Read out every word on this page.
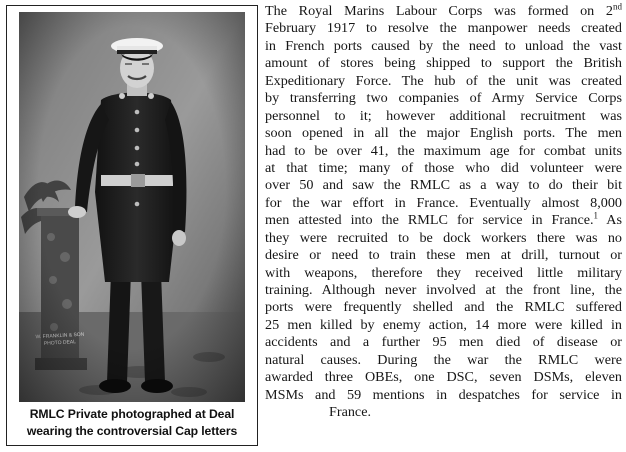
RMLC Private photographed at Deal
wearing the controversial Cap letters
The Royal Marins Labour Corps was formed on 2nd
February 1917 to resolve the manpower needs created
in French ports caused by the need to unload the vast
amount of stores being shipped to support the British
Expeditionary Force. The hub of the unit was created
by transferring two companies of Army Service Corps
personnel to it; however additional recruitment was
soon opened in all the major English ports. The men
had to be over 41, the maximum age for combat units
at that time; many of those who did volunteer were
over 50 and saw the RMLC as a way to do their bit
for the war effort in France. Eventually almost 8,000
men attested into the RMLC for service in France.$^1$ As
they were recruited to be dock workers there was no
desire or need to train these men at drill, turnout or
with weapons, therefore they received little military
training. Although never involved at the front line, the
ports were frequently shelled and the RMLC suffered
25 men killed by enemy action, 14 more were killed in
accidents and a further 95 men died of disease or
natural causes. During the war the RMLC were
awarded three OBEs, one DSC, seven DSMs, eleven
MSMs and 59 mentions in despatches for service in
France.
